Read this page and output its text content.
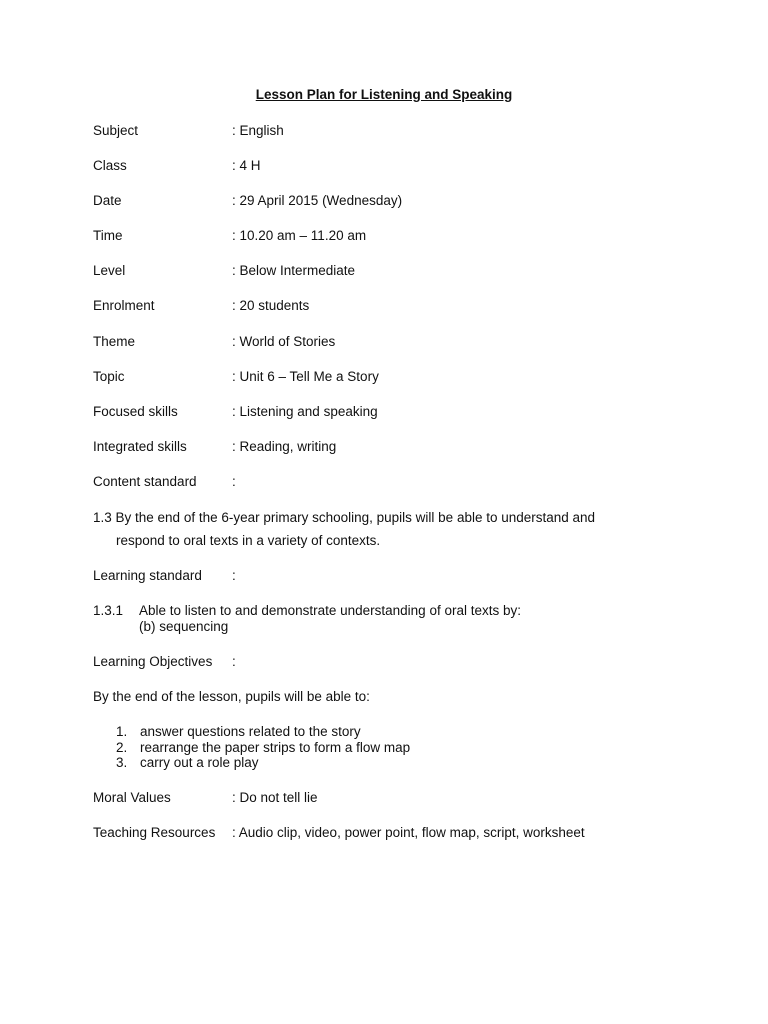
Lesson Plan for Listening and Speaking
Subject	: English
Class	: 4 H
Date	: 29 April 2015 (Wednesday)
Time	: 10.20 am – 11.20 am
Level	: Below Intermediate
Enrolment	: 20 students
Theme	: World of Stories
Topic	: Unit 6 – Tell Me a Story
Focused skills	: Listening and speaking
Integrated skills	: Reading, writing
Content standard	:
1.3 By the end of the 6-year primary schooling, pupils will be able to understand and
respond to oral texts in a variety of contexts.
Learning standard :
1.3.1 Able to listen to and demonstrate understanding of oral texts by:
(b) sequencing
Learning Objectives :
By the end of the lesson, pupils will be able to:
1. answer questions related to the story
2. rearrange the paper strips to form a flow map
3. carry out a role play
Moral Values	: Do not tell lie
Teaching Resources : Audio clip, video, power point, flow map, script, worksheet
